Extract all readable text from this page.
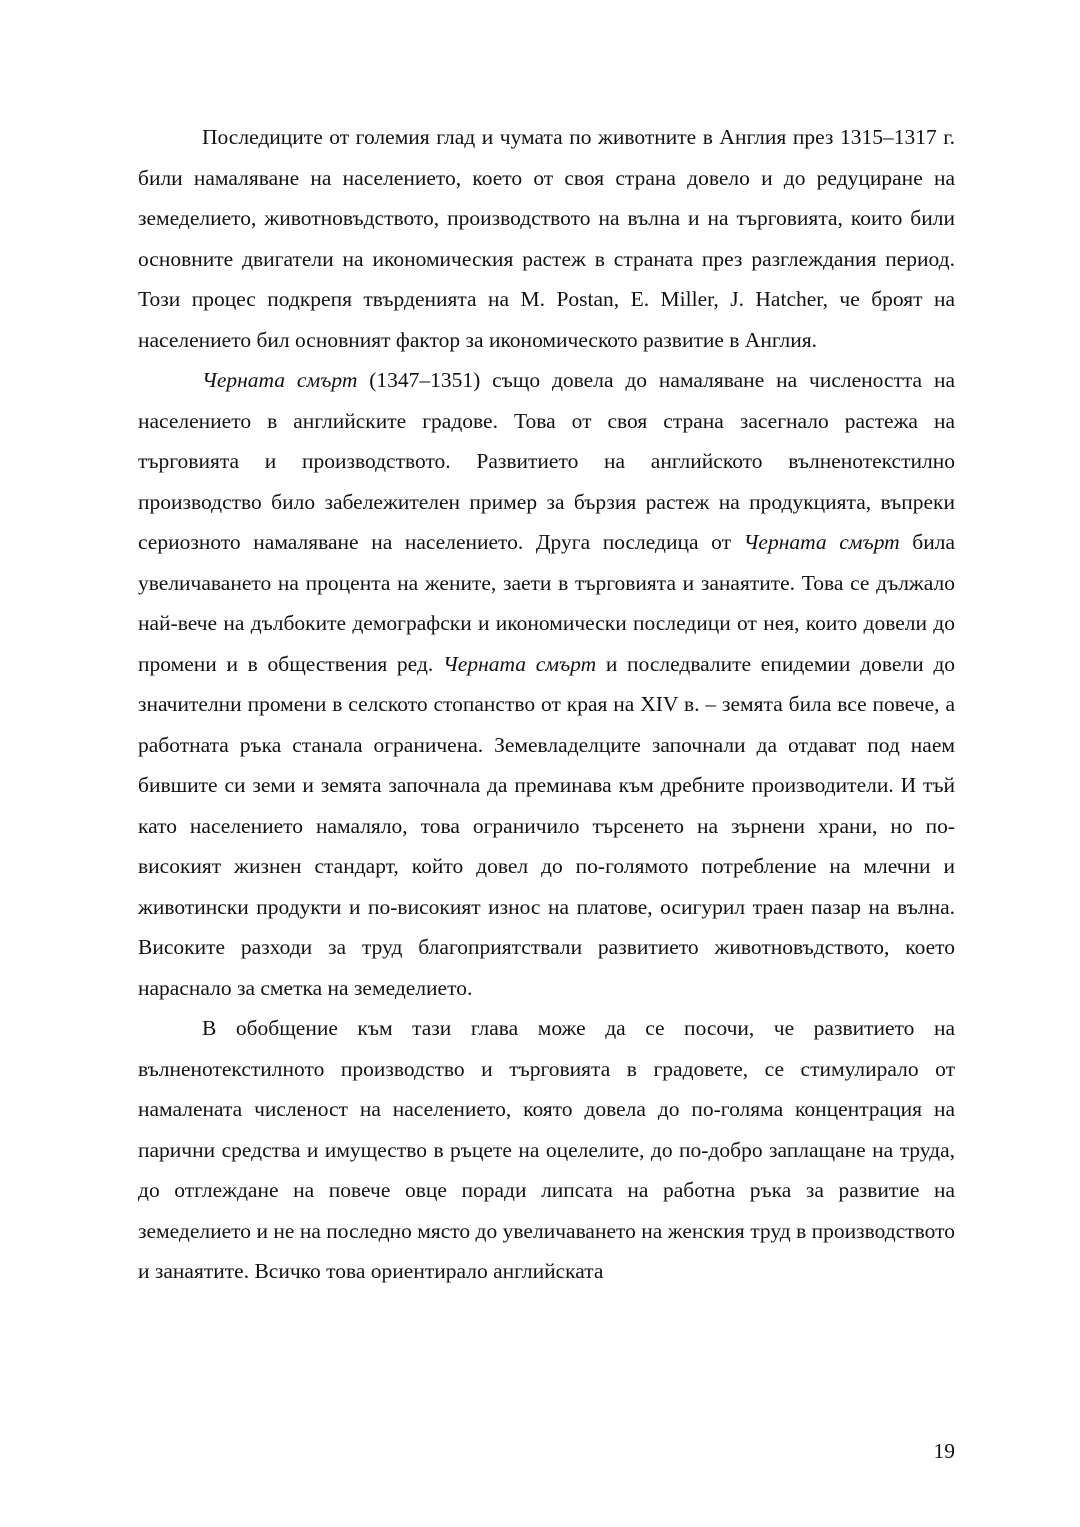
Последиците от големия глад и чумата по животните в Англия през 1315–1317 г. били намаляване на населението, което от своя страна довело и до редуциране на земеделието, животновъдството, производството на вълна и на търговията, които били основните двигатели на икономическия растеж в страната през разглеждания период. Този процес подкрепя твърденията на M. Postan, E. Miller, J. Hatcher, че броят на населението бил основният фактор за икономическото развитие в Англия.

Черната смърт (1347–1351) също довела до намаляване на числеността на населението в английските градове. Това от своя страна засегнало растежа на търговията и производството. Развитието на английското вълненотекстилно производство било забележителен пример за бързия растеж на продукцията, въпреки сериозното намаляване на населението. Друга последица от Черната смърт била увеличаването на процента на жените, заети в търговията и занаятите. Това се дължало най-вече на дълбоките демографски и икономически последици от нея, които довели до промени и в обществения ред. Черната смърт и последвалите епидемии довели до значителни промени в селското стопанство от края на XIV в. – земята била все повече, а работната ръка станала ограничена. Земевладелците започнали да отдават под наем бившите си земи и земята започнала да преминава към дребните производители. И тъй като населението намаляло, това ограничило търсенето на зърнени храни, но по-високият жизнен стандарт, който довел до по-голямото потребление на млечни и животински продукти и по-високият износ на платове, осигурил траен пазар на вълна. Високите разходи за труд благоприятствали развитието животновъдството, което нараснало за сметка на земеделието.

В обобщение към тази глава може да се посочи, че развитието на вълненотекстилното производство и търговията в градовете, се стимулирало от намалената численост на населението, която довела до по-голяма концентрация на парични средства и имущество в ръцете на оцелелите, до по-добро заплащане на труда, до отглеждане на повече овце поради липсата на работна ръка за развитие на земеделието и не на последно място до увеличаването на женския труд в производството и занаятите. Всичко това ориентирало английската

19
